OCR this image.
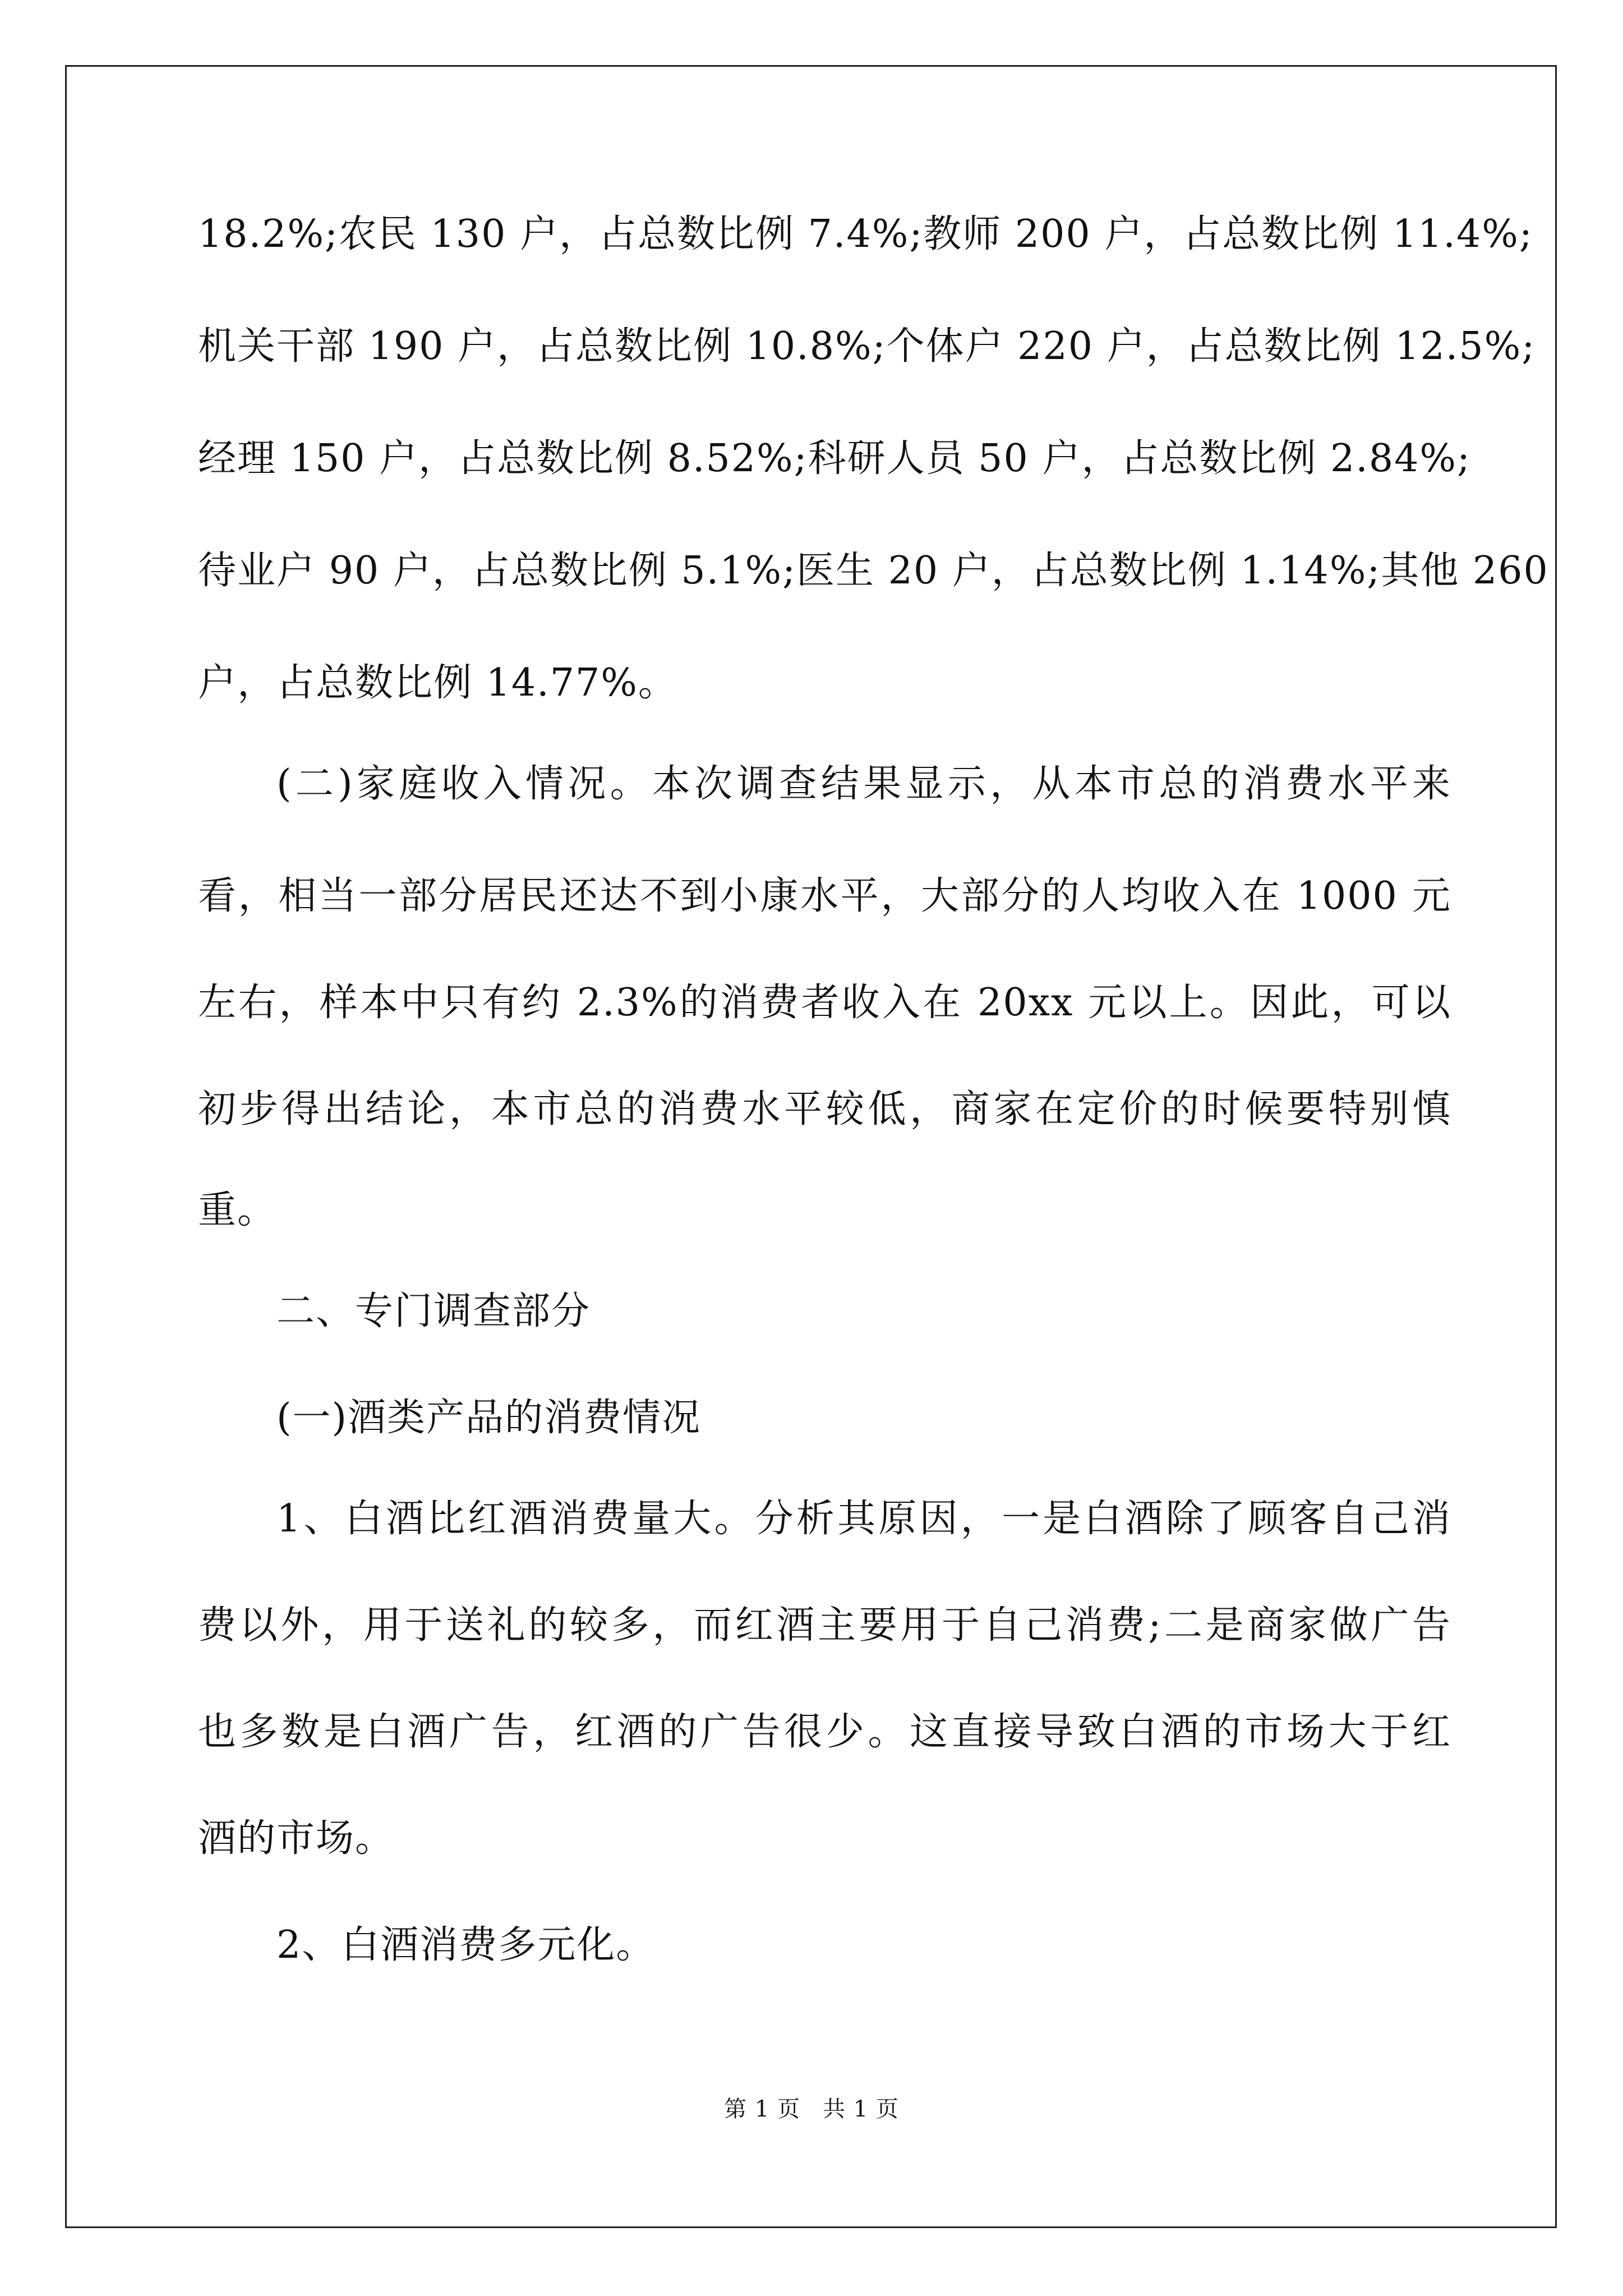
18.2%;农民 130 户，占总数比例 7.4%;教师 200 户，占总数比例 11.4%;
机关干部 190 户，占总数比例 10.8%;个体户 220 户，占总数比例 12.5%;
经理 150 户，占总数比例 8.52%;科研人员 50 户，占总数比例 2.84%;
待业户 90 户，占总数比例 5.1%;医生 20 户，占总数比例 1.14%;其他 260
户，占总数比例 14.77%。
(二)家庭收入情况。本次调查结果显示，从本市总的消费水平来
看，相当一部分居民还达不到小康水平，大部分的人均收入在 1000 元
左右，样本中只有约 2.3%的消费者收入在 20xx 元以上。因此，可以
初步得出结论，本市总的消费水平较低，商家在定价的时候要特别慎
重。
二、专门调查部分
(一)酒类产品的消费情况
1、白酒比红酒消费量大。分析其原因，一是白酒除了顾客自己消
费以外，用于送礼的较多，而红酒主要用于自己消费;二是商家做广告
也多数是白酒广告，红酒的广告很少。这直接导致白酒的市场大于红
酒的市场。
2、白酒消费多元化。
第 1 页 共 1 页
